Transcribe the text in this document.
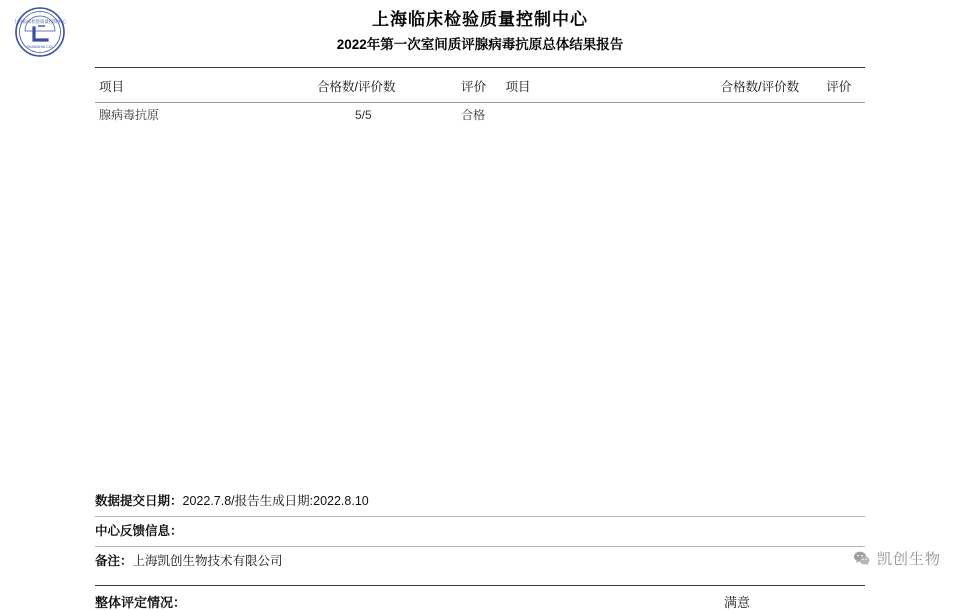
上海临床检验质量控制中心
SHANGHAI CCL
上海临床检验质量控制中心
2022年第一次室间质评腺病毒抗原总体结果报告
项目	合格数/评价数	评价	项目	合格数/评价数	评价
腺病毒抗原	5/5	合格			
数据提交日期：2022.7.8/报告生成日期:2022.8.10
中心反馈信息：
备注：上海凯创生物技术有限公司
整体评定情况：	满意
凯创生物
